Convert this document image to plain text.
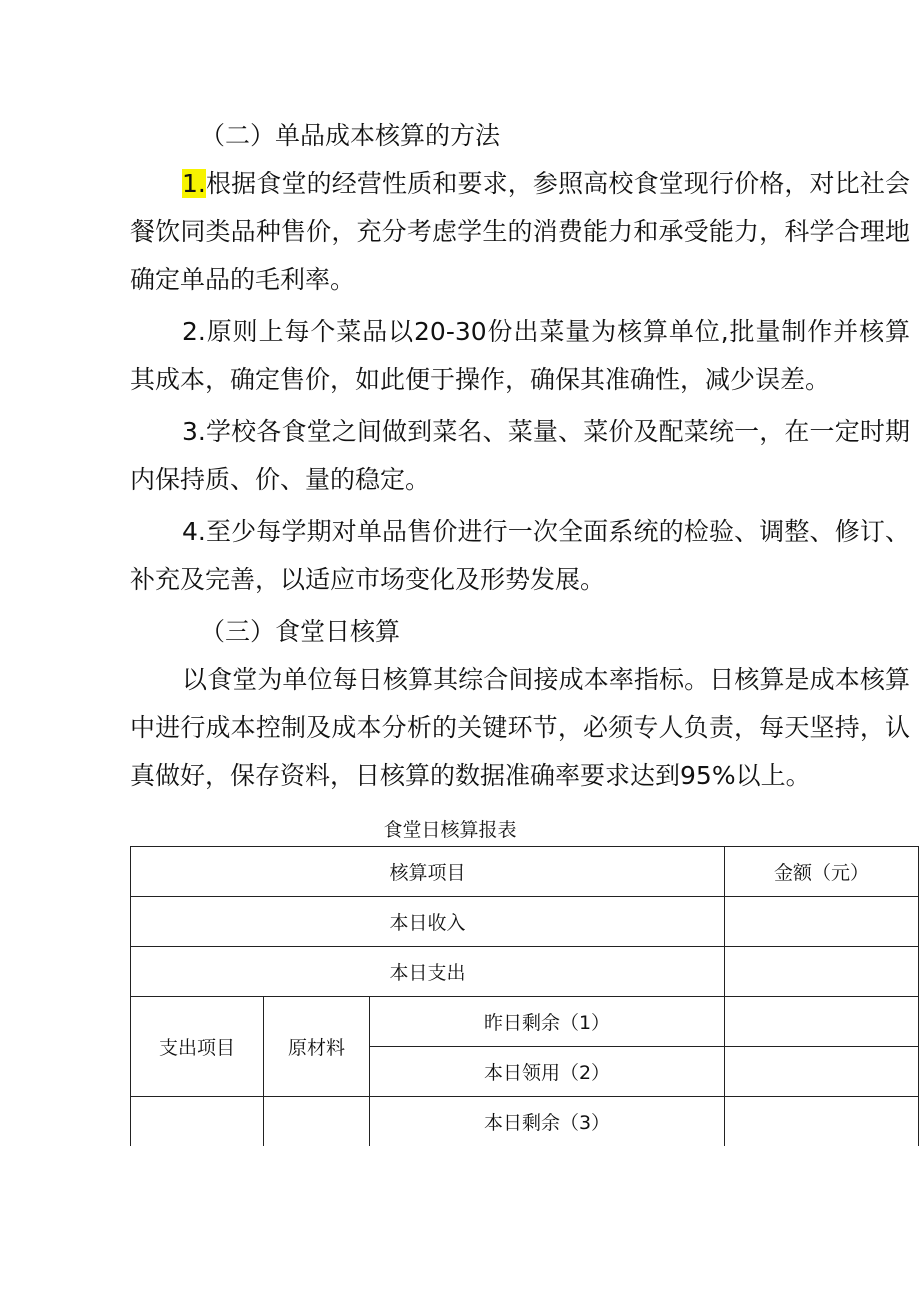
（二）单品成本核算的方法

1.根据食堂的经营性质和要求，参照高校食堂现行价格，对比社会餐饮同类品种售价，充分考虑学生的消费能力和承受能力，科学合理地确定单品的毛利率。

2.原则上每个菜品以20-30份出菜量为核算单位,批量制作并核算其成本，确定售价，如此便于操作，确保其准确性，减少误差。

3.学校各食堂之间做到菜名、菜量、菜价及配菜统一，在一定时期内保持质、价、量的稳定。

4.至少每学期对单品售价进行一次全面系统的检验、调整、修订、补充及完善，以适应市场变化及形势发展。

（三）食堂日核算

以食堂为单位每日核算其综合间接成本率指标。日核算是成本核算中进行成本控制及成本分析的关键环节，必须专人负责，每天坚持，认真做好，保存资料，日核算的数据准确率要求达到95%以上。

食堂日核算报表
核算项目			金额（元）
本日收入			
本日支出			
支出项目	原材料	昨日剩余（1）	
		本日领用（2）	
		本日剩余（3）	
